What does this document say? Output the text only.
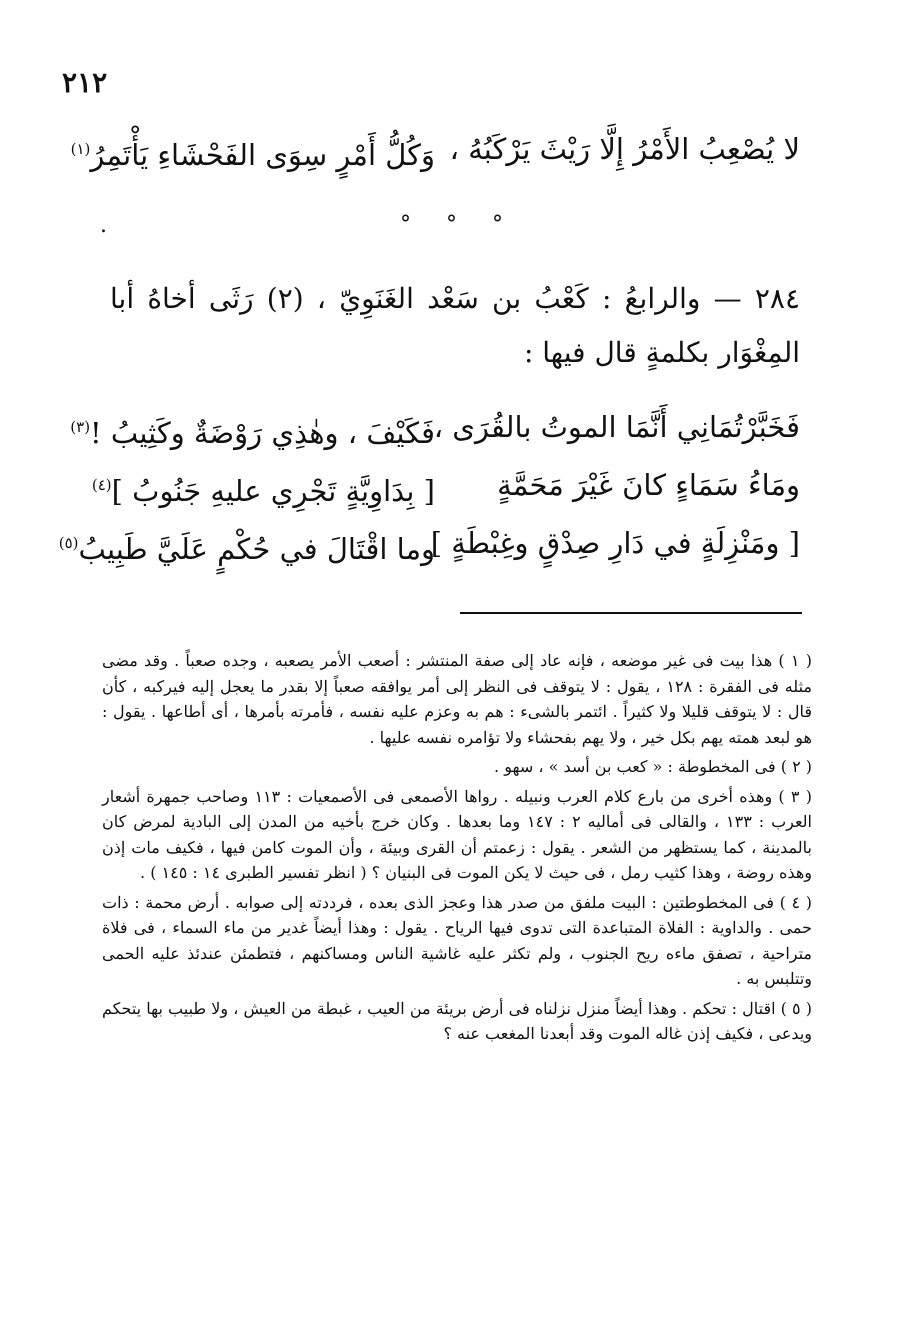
٢١٢
لا يُصْعِبُ الأَمْرُ إِلَّا رَيْثَ يَرْكَبُهُ ،
وَكُلُّ أَمْرٍ سِوَى الفَحْشَاءِ يَأْتَمِرُ$^{(١)}$
° ° °
.
٢٨٤ — والرابعُ : كَعْبُ بن سَعْد الغَنَوِيّ ، (٢) رَثَى أخاهُ أبا المِغْوَار بكلمةٍ قال فيها :
فَخَبَّرْتُمَانِي أَنَّمَا الموتُ بالقُرَى ،
فَكَيْفَ ، وهٰذِي رَوْضَةٌ وكَثِيبُ !$^{(٣)}$
ومَاءُ سَمَاءٍ كانَ غَيْرَ مَحَمَّةٍ
[ بِدَاوِيَّةٍ تَجْرِي عليهِ جَنُوبُ ]$^{(٤)}$
[ ومَنْزِلَةٍ في دَارِ صِدْقٍ وغِبْطَةٍ ]
وما اقْتَالَ في حُكْمٍ عَلَيَّ طَبِيبُ$^{(٥)}$

( ١ ) هذا بيت فى غير موضعه ، فإنه عاد إلى صفة المنتشر : أصعب الأمر يصعبه ، وجده صعباً . وقد مضى مثله فى الفقرة : ١٢٨ ، يقول : لا يتوقف فى النظر إلى أمر يوافقه صعباً إلا بقدر ما يعجل إليه فيركبه ، كأن قال : لا يتوقف قليلا ولا كثيراً . ائتمر بالشىء : هم به وعزم عليه نفسه ، فأمرته بأمرها ، أى أطاعها . يقول : هو لبعد همته يهم بكل خير ، ولا يهم بفحشاء ولا تؤامره نفسه عليها .

( ٢ ) فى المخطوطة : « كعب بن أسد » ، سهو .

( ٣ ) وهذه أخرى من بارع كلام العرب ونبيله . رواها الأصمعى فى الأصمعيات : ١١٣ وصاحب جمهرة أشعار العرب : ١٣٣ ، والقالى فى أماليه ٢ : ١٤٧ وما بعدها . وكان خرج بأخيه من المدن إلى البادية لمرض كان بالمدينة ، كما يستظهر من الشعر . يقول : زعمتم أن القرى وبيئة ، وأن الموت كامن فيها ، فكيف مات إذن وهذه روضة ، وهذا كثيب رمل ، فى حيث لا يكن الموت فى البنيان ؟ ( انظر تفسير الطبرى ١٤ : ١٤٥ ) .

( ٤ ) فى المخطوطتين : البيت ملفق من صدر هذا وعجز الذى بعده ، فرددته إلى صوابه . أرض محمة : ذات حمى . والداوية : الفلاة المتباعدة التى تدوى فيها الرياح . يقول : وهذا أيضاً غدير من ماء السماء ، فى فلاة متراحية ، تصفق ماءه ريح الجنوب ، ولم تكثر عليه غاشية الناس ومساكنهم ، فتطمئن عندئذ عليه الحمى وتتلبس به .

( ٥ ) اقتال : تحكم . وهذا أيضاً منزل نزلناه فى أرض بريئة من العيب ، غبطة من العيش ، ولا طبيب بها يتحكم ويدعى ، فكيف إذن غاله الموت وقد أبعدنا المغعب عنه ؟
